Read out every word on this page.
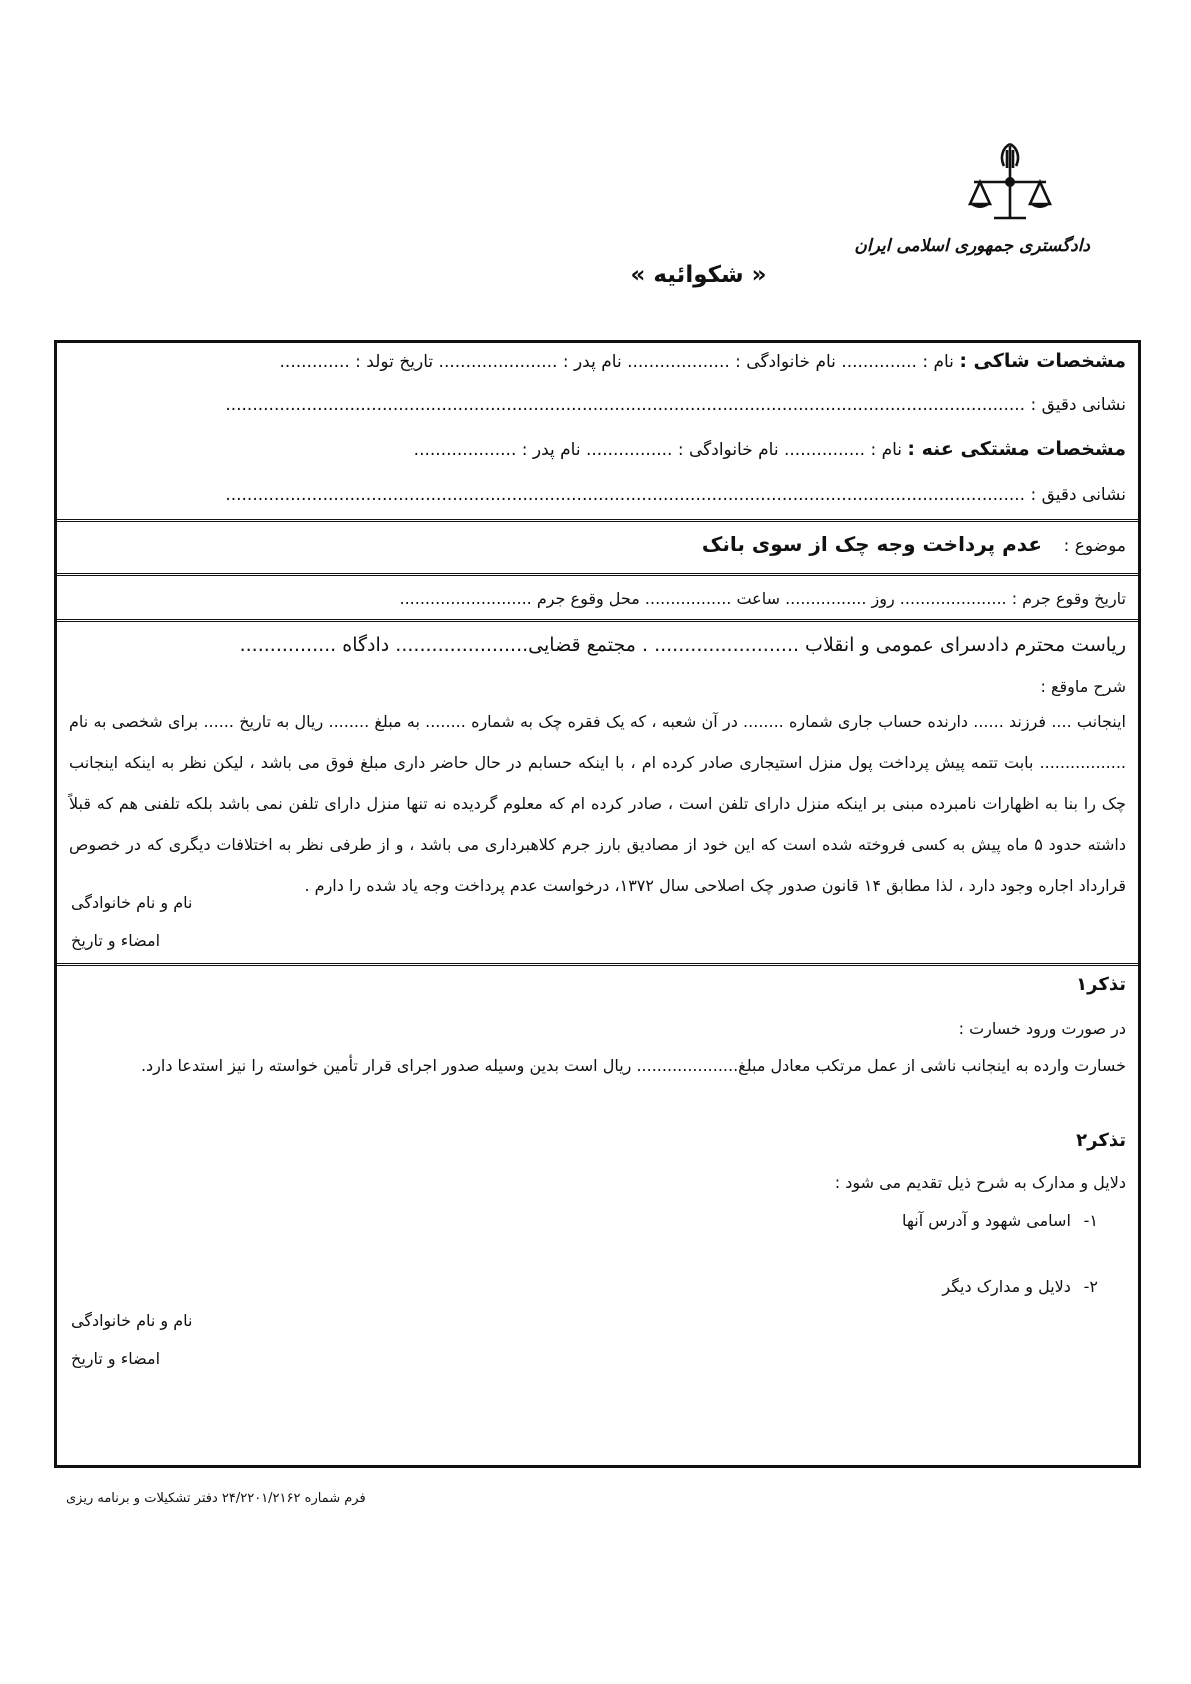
دادگستری جمهوری اسلامی ایران
« شکوائیه »
مشخصات شاکی : نام : .............. نام خانوادگی : ................... نام پدر : ...................... تاریخ تولد : .............
نشانی دقیق : ....................................................................................................................................................
مشخصات مشتکی عنه : نام : ............... نام خانوادگی : ................ نام پدر : ...................
نشانی دقیق : ....................................................................................................................................................
موضوع :    عدم پرداخت وجه چک از سوی بانک
تاریخ وقوع جرم : ..................... روز ................ ساعت ................. محل وقوع جرم ..........................
ریاست محترم دادسرای عمومی و انقلاب ........................ . مجتمع قضایی...................... دادگاه ................
شرح ماوقع :
اینجانب .... فرزند ...... دارنده حساب جاری شماره ........ در آن شعبه ، که یک فقره چک به شماره ........ به مبلغ ........ ریال به تاریخ ...... برای شخصی به نام ................. بابت تتمه پیش پرداخت پول منزل استیجاری صادر کرده ام ، با اینکه حسابم در حال حاضر داری مبلغ فوق می باشد ، لیکن نظر به اینکه اینجانب چک را بنا به اظهارات نامبرده مبنی بر اینکه منزل دارای تلفن است ، صادر کرده ام که معلوم گردیده نه تنها منزل دارای تلفن نمی باشد بلکه تلفنی هم که قبلاً داشته حدود ۵ ماه پیش به کسی فروخته شده است که این خود از مصادیق بارز جرم کلاهبرداری می باشد ، و از طرفی نظر به اختلافات دیگری که در خصوص قرارداد اجاره وجود دارد ، لذا مطابق ۱۴ قانون صدور چک اصلاحی سال ۱۳۷۲، درخواست عدم پرداخت وجه یاد شده را دارم .
نام و نام خانوادگی
امضاء و تاریخ
تذکر۱
در صورت ورود خسارت :
خسارت وارده به اینجانب ناشی از عمل مرتکب معادل مبلغ.................... ریال است بدین وسیله صدور اجرای قرار تأمین خواسته را نیز استدعا دارد.
تذکر۲
دلایل و مدارک به شرح ذیل تقدیم می شود :
۱- اسامی شهود و آدرس آنها
۲- دلایل و مدارک دیگر
نام و نام خانوادگی
امضاء و تاریخ
فرم شماره ۲۴/۲۲۰۱/۲۱۶۲ دفتر تشکیلات و برنامه ریزی
